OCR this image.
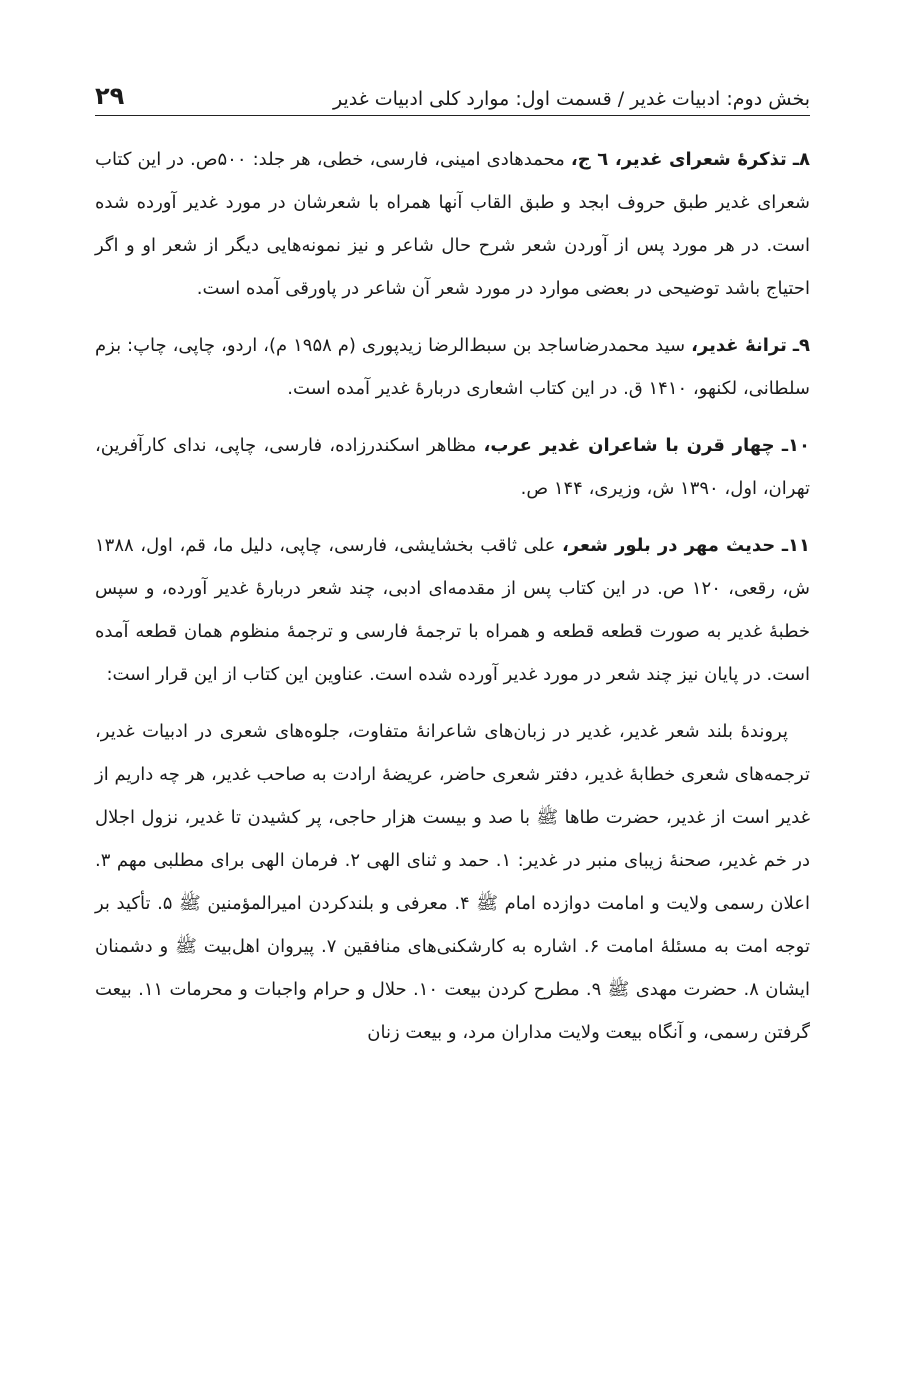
بخش دوم: ادبیات غدیر / قسمت اول: موارد کلی ادبیات غدیر
۲۹

۸ـ تذکرهٔ شعرای غدیر، ٦ ج، محمدهادی امینی، فارسی، خطی، هر جلد: ۵۰۰ص. در این کتاب شعرای غدیر طبق حروف ابجد و طبق القاب آنها همراه با شعرشان در مورد غدیر آورده شده است. در هر مورد پس از آوردن شعر شرح حال شاعر و نیز نمونه‌هایی دیگر از شعر او و اگر احتیاج باشد توضیحی در بعضی موارد در مورد شعر آن شاعر در پاورقی آمده است.

۹ـ ترانهٔ غدیر، سید محمدرضاساجد بن سبط‌الرضا زیدپوری (م ۱۹۵۸ م)، اردو، چاپی، چاپ: بزم سلطانی، لکنهو، ۱۴۱۰ ق. در این کتاب اشعاری دربارهٔ غدیر آمده است.

۱۰ـ چهار قرن با شاعران غدیر عرب، مظاهر اسکندرزاده، فارسی، چاپی، ندای کارآفرین، تهران، اول، ۱۳۹۰ ش، وزیری، ۱۴۴ ص.

۱۱ـ حدیث مهر در بلور شعر، علی ثاقب بخشایشی، فارسی، چاپی، دلیل ما، قم، اول، ۱۳۸۸ ش، رقعی، ۱۲۰ ص. در این کتاب پس از مقدمه‌ای ادبی، چند شعر دربارهٔ غدیر آورده، و سپس خطبهٔ غدیر به صورت قطعه قطعه و همراه با ترجمهٔ فارسی و ترجمهٔ منظوم همان قطعه آمده است. در پایان نیز چند شعر در مورد غدیر آورده شده است. عناوین این کتاب از این قرار است:

پروندهٔ بلند شعر غدیر، غدیر در زبان‌های شاعرانهٔ متفاوت، جلوه‌های شعری در ادبیات غدیر، ترجمه‌های شعری خطابهٔ غدیر، دفتر شعری حاضر، عریضهٔ ارادت به صاحب غدیر، هر چه داریم از غدیر است از غدیر، حضرت طاها ﷺ با صد و بیست هزار حاجی، پر کشیدن تا غدیر، نزول اجلال در خم غدیر، صحنهٔ زیبای منبر در غدیر: ۱. حمد و ثنای الهی ۲. فرمان الهی برای مطلبی مهم ۳. اعلان رسمی ولایت و امامت دوازده امام ﷺ ۴. معرفی و بلندکردن امیرالمؤمنین ﷺ ۵. تأکید بر توجه امت به مسئلهٔ امامت ۶. اشاره به کارشکنی‌های منافقین ۷. پیروان اهل‌بیت ﷺ و دشمنان ایشان ۸. حضرت مهدی ﷺ ۹. مطرح کردن بیعت ۱۰. حلال و حرام واجبات و محرمات ۱۱. بیعت گرفتن رسمی، و آنگاه بیعت ولایت مداران مرد، و بیعت زنان
